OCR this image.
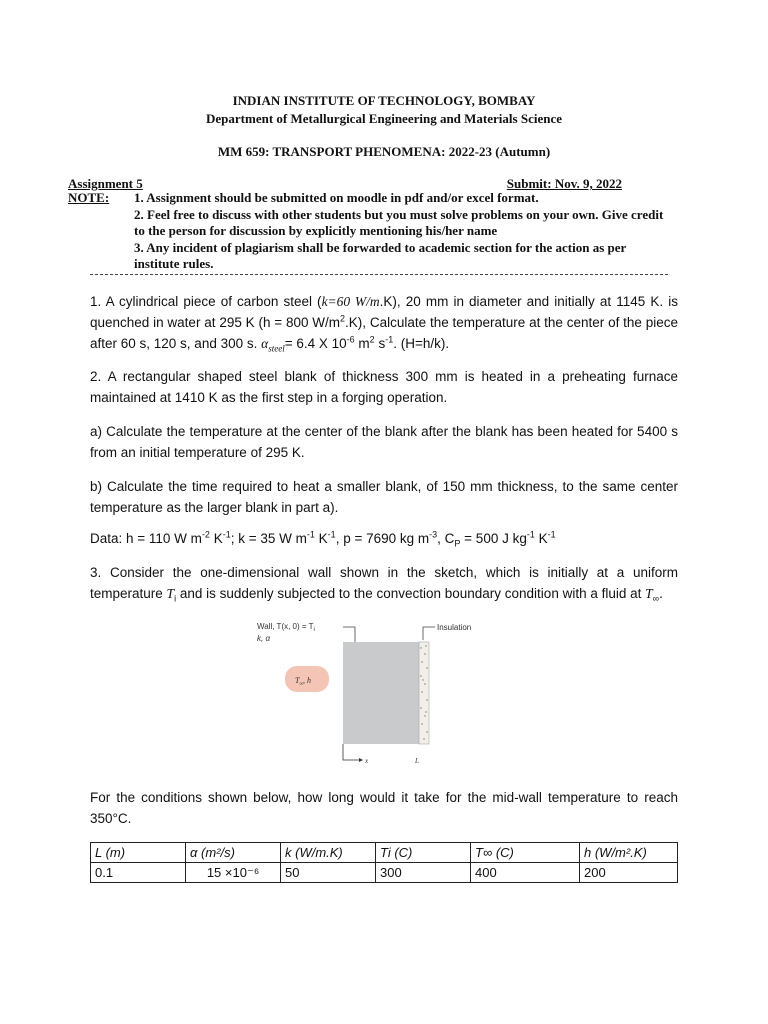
INDIAN INSTITUTE OF TECHNOLOGY, BOMBAY
Department of Metallurgical Engineering and Materials Science
MM 659: TRANSPORT PHENOMENA: 2022-23 (Autumn)
Assignment 5	Submit: Nov. 9, 2022
NOTE: 1. Assignment should be submitted on moodle in pdf and/or excel format.

2. Feel free to discuss with other students but you must solve problems on your own. Give credit to the person for discussion by explicitly mentioning his/her name

3. Any incident of plagiarism shall be forwarded to academic section for the action as per institute rules.

1. A cylindrical piece of carbon steel (k=60 W/m.K), 20 mm in diameter and initially at 1145 K. is quenched in water at 295 K (h = 800 $W/m^2.K$), Calculate the temperature at the center of the piece after 60 s, 120 s, and 300 s. $\alpha_{steel}= 6.4$ X $10^{-6}$ $m^2$ $s^{-1}$. (H=h/k).
2. A rectangular shaped steel blank of thickness 300 mm is heated in a preheating furnace maintained at 1410 K as the first step in a forging operation.
a) Calculate the temperature at the center of the blank after the blank has been heated for 5400 s from an initial temperature of 295 K.
b) Calculate the time required to heat a smaller blank, of 150 mm thickness, to the same center temperature as the larger blank in part a).
Data: h = 110 W $m^{-2}$ $K^{-1}$; k = 35 W $m^{-1}$ $K^{-1}$, p = 7690 kg $m^{-3}$, $C_P = 500$ J $kg^{-1}$ $K^{-1}$
3. Consider the one-dimensional wall shown in the sketch, which is initially at a uniform temperature $T_i$ and is suddenly subjected to the convection boundary condition with a fluid at $T_\infty$.
Wall, T(x, $0) = T_i$
k, α
Insulation
$T_\infty$, h
x	L
For the conditions shown below, how long would it take for the mid-wall temperature to reach 350°C.
L (m)	α (m²/s)	k (W/m.K)	Ti (C)	T∞ (C)	h (W/m².K)
0.1	15 ×10⁻⁶	50	300	400	200
